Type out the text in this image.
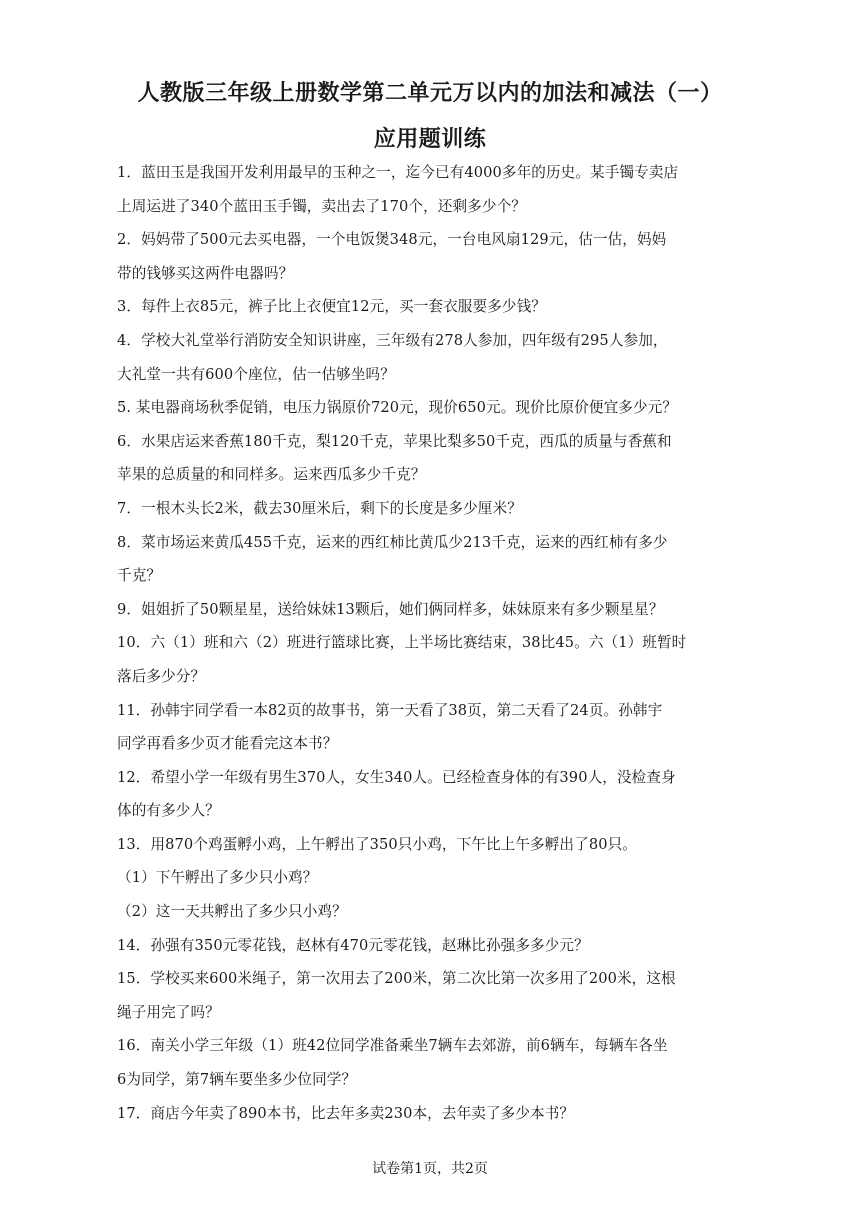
人教版三年级上册数学第二单元万以内的加法和减法（一）
应用题训练
1．蓝田玉是我国开发利用最早的玉种之一，迄今已有4000多年的历史。某手镯专卖店
上周运进了340个蓝田玉手镯，卖出去了170个，还剩多少个？
2．妈妈带了500元去买电器，一个电饭煲348元，一台电风扇129元，估一估，妈妈
带的钱够买这两件电器吗？
3．每件上衣85元，裤子比上衣便宜12元，买一套衣服要多少钱？
4．学校大礼堂举行消防安全知识讲座，三年级有278人参加，四年级有295人参加，
大礼堂一共有600个座位，估一估够坐吗？
5. 某电器商场秋季促销，电压力锅原价720元，现价650元。现价比原价便宜多少元？
6．水果店运来香蕉180千克，梨120千克，苹果比梨多50千克，西瓜的质量与香蕉和
苹果的总质量的和同样多。运来西瓜多少千克？
7．一根木头长2米，截去30厘米后，剩下的长度是多少厘米？
8．菜市场运来黄瓜455千克，运来的西红柿比黄瓜少213千克，运来的西红柿有多少
千克？
9．姐姐折了50颗星星，送给妹妹13颗后，她们俩同样多，妹妹原来有多少颗星星？
10．六（1）班和六（2）班进行篮球比赛，上半场比赛结束，38比45。六（1）班暂时
落后多少分？
11．孙韩宇同学看一本82页的故事书，第一天看了38页，第二天看了24页。孙韩宇
同学再看多少页才能看完这本书？
12．希望小学一年级有男生370人，女生340人。已经检查身体的有390人，没检查身
体的有多少人？
13．用870个鸡蛋孵小鸡，上午孵出了350只小鸡，下午比上午多孵出了80只。
（1）下午孵出了多少只小鸡？
（2）这一天共孵出了多少只小鸡？
14．孙强有350元零花钱，赵林有470元零花钱，赵琳比孙强多多少元？
15．学校买来600米绳子，第一次用去了200米，第二次比第一次多用了200米，这根
绳子用完了吗？
16．南关小学三年级（1）班42位同学准备乘坐7辆车去郊游，前6辆车，每辆车各坐
6为同学，第7辆车要坐多少位同学？
17．商店今年卖了890本书，比去年多卖230本，去年卖了多少本书？
试卷第1页，共2页
